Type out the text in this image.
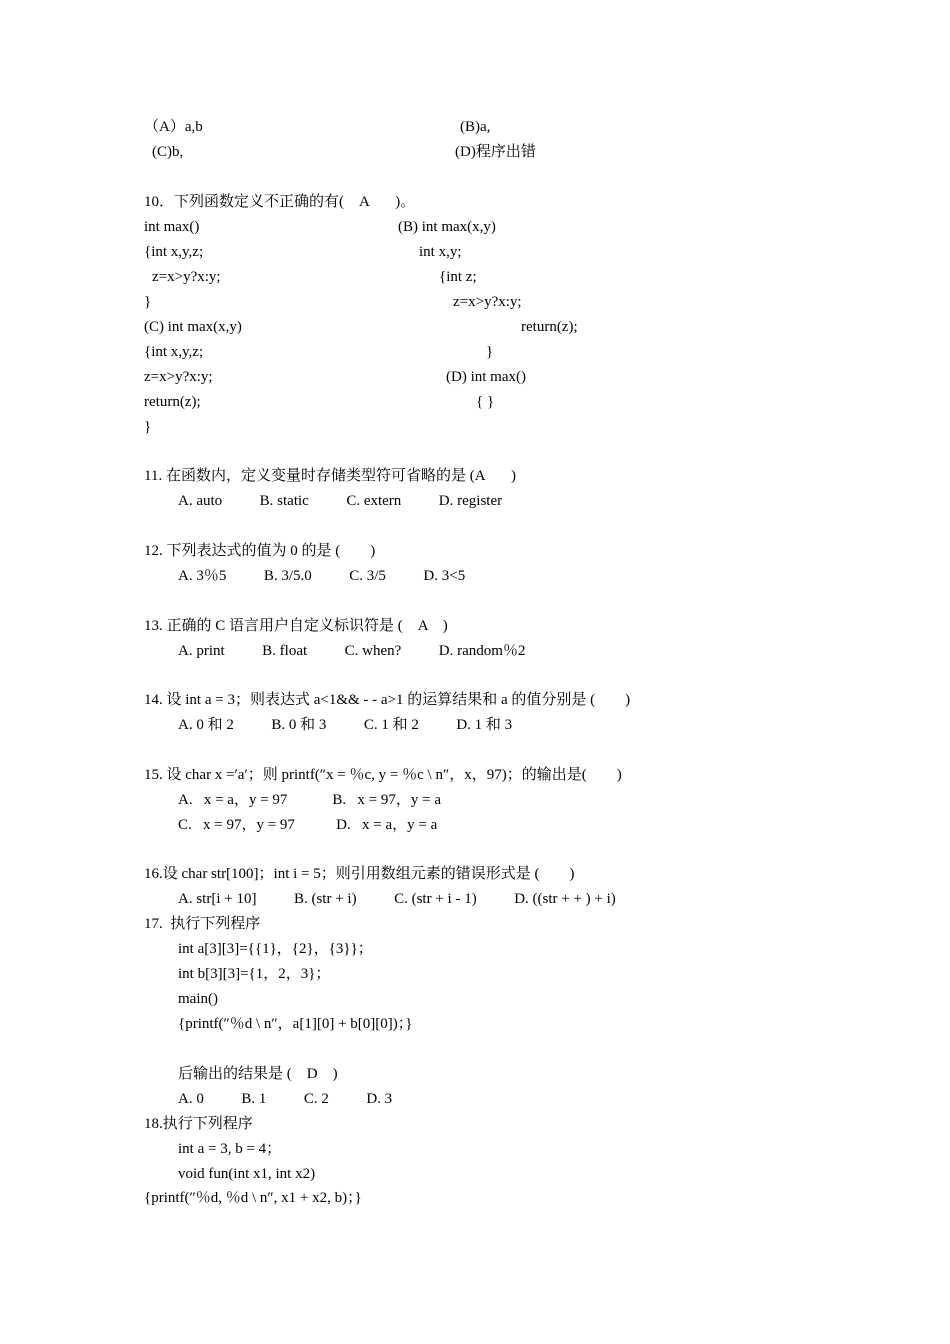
（A）a,b	(B)a,
(C)b,	(D)程序出错
10．下列函数定义不正确的有(    A       )。
int max()	(B) int max(x,y)
{int x,y,z;	int x,y;
z=x>y?x:y;	{int z;
}	z=x>y?x:y;
(C) int max(x,y)	return(z);
{int x,y,z;	}
z=x>y?x:y;	(D) int max()
return(z);	{ }
}
11. 在函数内，定义变量时存储类型符可省略的是 (A       )
A. auto          B. static          C. extern          D. register
12. 下列表达式的值为 0 的是 (        )
A. 3％5          B. 3/5.0          C. 3/5          D. 3<5
13. 正确的 C 语言用户自定义标识符是 (    A    )
A. print          B. float          C. when?          D. random％2
14. 设 int a = 3；则表达式 a<1&& - - a>1 的运算结果和 a 的值分别是 (        )
A. 0 和 2          B. 0 和 3          C. 1 和 2          D. 1 和 3
15. 设 char x =′a′；则 printf(″x = ％c, y = ％c \ n″，x，97)；的输出是(        )
A.   x = a，y = 97            B.   x = 97，y = a
C.   x = 97，y = 97           D.   x = a，y = a
16.设 char str[100]；int i = 5；则引用数组元素的错误形式是 (        )
A. str[i + 10]          B. (str + i)          C. (str + i - 1)          D. ((str + + ) + i)
17.  执行下列程序
int a[3][3]={{1}，{2}，{3}}；
int b[3][3]={1，2，3}；
main()
{printf(″％d \ n″，a[1][0] + b[0][0])；}
后输出的结果是 (    D    )
A. 0          B. 1          C. 2          D. 3
18.执行下列程序
int a = 3, b = 4；
void fun(int x1, int x2)
{printf(″％d, ％d \ n″, x1 + x2, b)；}
